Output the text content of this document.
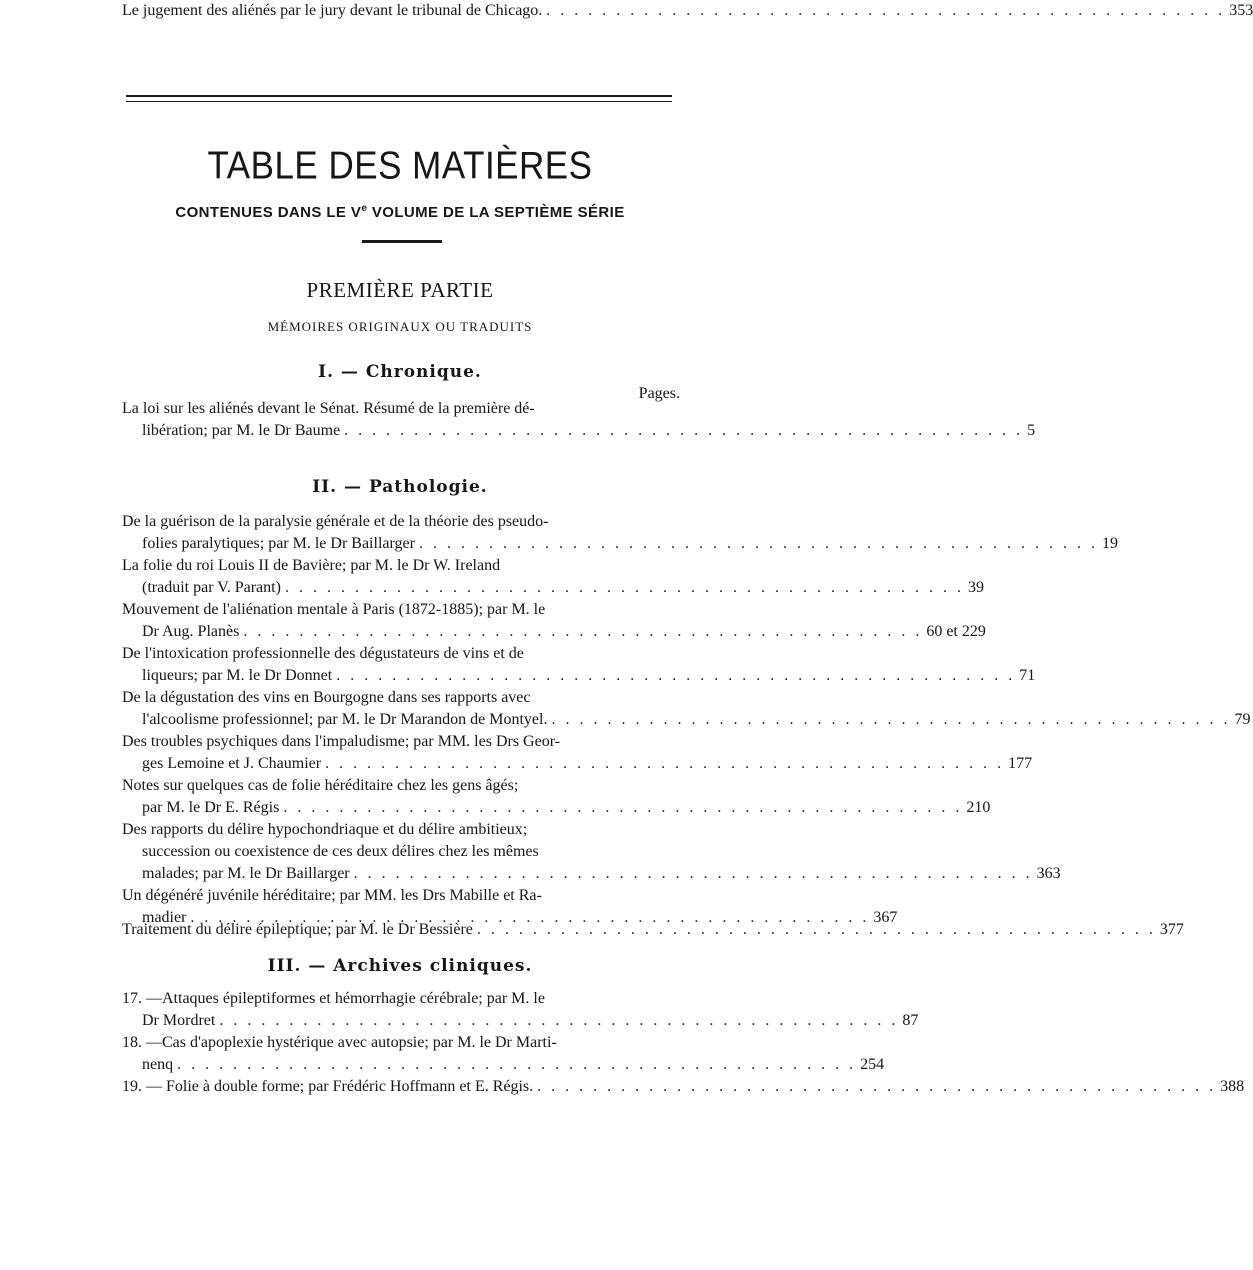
TABLE DES MATIÈRES
CONTENUES DANS LE Ve VOLUME DE LA SEPTIÈME SÉRIE
PREMIÈRE PARTIE
MÉMOIRES ORIGINAUX OU TRADUITS
I. — Chronique.
Pages.
La loi sur les aliénés devant le Sénat. Résumé de la première dé-
libération; par M. le Dr Baume . . . . . . . . . . . . . . . . . . . . . . . . . . . . . . . . . . . . . . . . . . . . . . . . . 5
Le jugement des aliénés par le jury devant le tribunal de Chicago. . . . . . . . . . . . . . . . . . . . . . . . . . . . . . . . . . . . . . . . . . . . . . . . . . 353
De la guérison de la paralysie générale et de la théorie des pseudo-
folies paralytiques; par M. le Dr Baillarger . . . . . . . . . . . . . . . . . . . . . . . . . . . . . . . . . . . . . . . . . . . . . . . . . 19
La folie du roi Louis II de Bavière; par M. le Dr W. Ireland
(traduit par V. Parant) . . . . . . . . . . . . . . . . . . . . . . . . . . . . . . . . . . . . . . . . . . . . . . . . . 39
Mouvement de l'aliénation mentale à Paris (1872-1885); par M. le
Dr Aug. Planès . . . . . . . . . . . . . . . . . . . . . . . . . . . . . . . . . . . . . . . . . . . . . . . . . 60 et 229
De l'intoxication professionnelle des dégustateurs de vins et de
liqueurs; par M. le Dr Donnet . . . . . . . . . . . . . . . . . . . . . . . . . . . . . . . . . . . . . . . . . . . . . . . . . 71
De la dégustation des vins en Bourgogne dans ses rapports avec
l'alcoolisme professionnel; par M. le Dr Marandon de Montyel. . . . . . . . . . . . . . . . . . . . . . . . . . . . . . . . . . . . . . . . . . . . . . . . . . 79
Des troubles psychiques dans l'impaludisme; par MM. les Drs Geor-
ges Lemoine et J. Chaumier . . . . . . . . . . . . . . . . . . . . . . . . . . . . . . . . . . . . . . . . . . . . . . . . . 177
Notes sur quelques cas de folie héréditaire chez les gens âgés;
par M. le Dr E. Régis . . . . . . . . . . . . . . . . . . . . . . . . . . . . . . . . . . . . . . . . . . . . . . . . . 210
Des rapports du délire hypochondriaque et du délire ambitieux;
succession ou coexistence de ces deux délires chez les mêmes
malades; par M. le Dr Baillarger . . . . . . . . . . . . . . . . . . . . . . . . . . . . . . . . . . . . . . . . . . . . . . . . . 363
Un dégénéré juvénile héréditaire; par MM. les Drs Mabille et Ra-
madier . . . . . . . . . . . . . . . . . . . . . . . . . . . . . . . . . . . . . . . . . . . . . . . . . 367
Traitement du délire épileptique; par M. le Dr Bessière . . . . . . . . . . . . . . . . . . . . . . . . . . . . . . . . . . . . . . . . . . . . . . . . . 377
17. —Attaques épileptiformes et hémorrhagie cérébrale; par M. le
Dr Mordret . . . . . . . . . . . . . . . . . . . . . . . . . . . . . . . . . . . . . . . . . . . . . . . . . 87
18. —Cas d'apoplexie hystérique avec autopsie; par M. le Dr Marti-
nenq . . . . . . . . . . . . . . . . . . . . . . . . . . . . . . . . . . . . . . . . . . . . . . . . . 254
19. — Folie à double forme; par Frédéric Hoffmann et E. Régis. . . . . . . . . . . . . . . . . . . . . . . . . . . . . . . . . . . . . . . . . . . . . . . . . . 388
II. — Pathologie.
III. — Archives cliniques.
